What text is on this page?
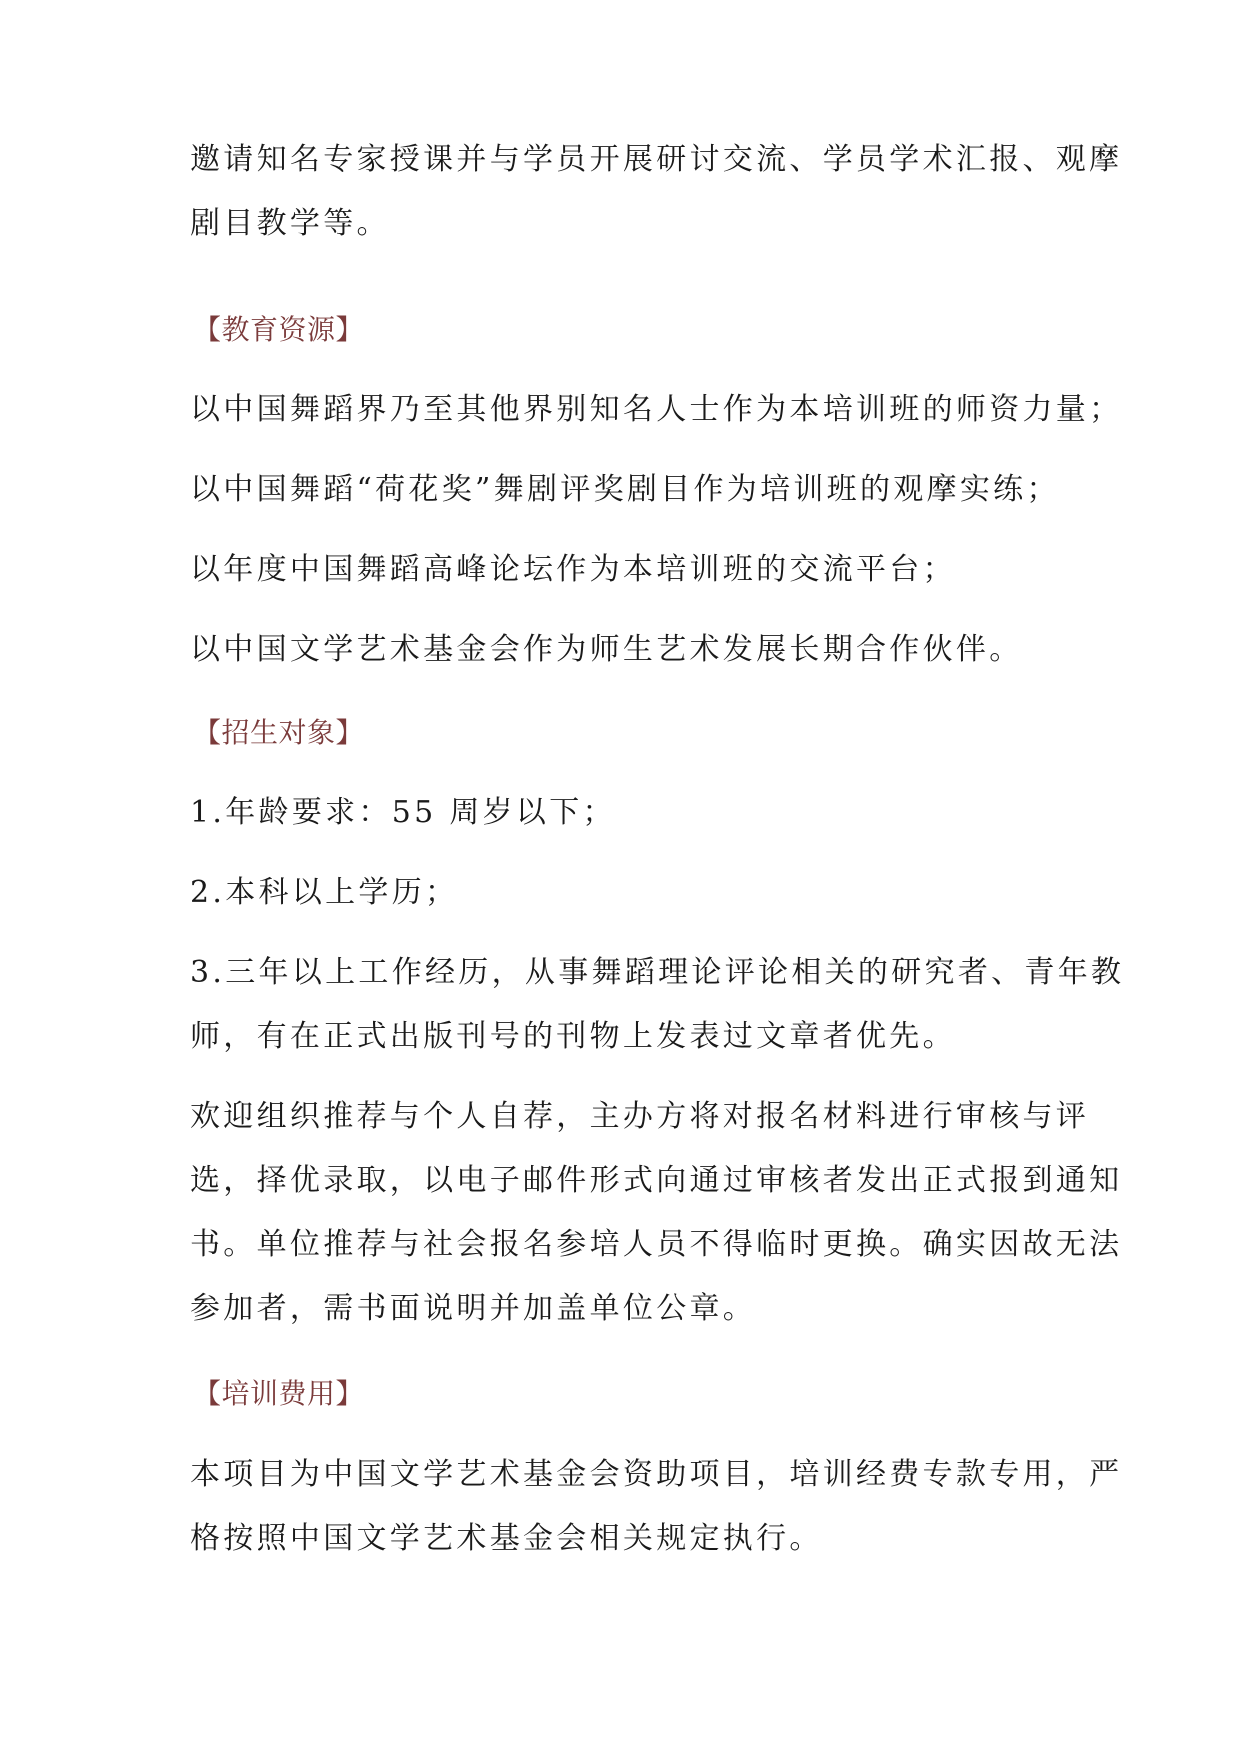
邀请知名专家授课并与学员开展研讨交流、学员学术汇报、观摩

剧目教学等。

【教育资源】

以中国舞蹈界乃至其他界别知名人士作为本培训班的师资力量；

以中国舞蹈“荷花奖”舞剧评奖剧目作为培训班的观摩实练；

以年度中国舞蹈高峰论坛作为本培训班的交流平台；

以中国文学艺术基金会作为师生艺术发展长期合作伙伴。

【招生对象】

1.年龄要求：55 周岁以下；

2.本科以上学历；

3.三年以上工作经历，从事舞蹈理论评论相关的研究者、青年教

师，有在正式出版刊号的刊物上发表过文章者优先。

欢迎组织推荐与个人自荐，主办方将对报名材料进行审核与评

选，择优录取，以电子邮件形式向通过审核者发出正式报到通知

书。单位推荐与社会报名参培人员不得临时更换。确实因故无法

参加者，需书面说明并加盖单位公章。

【培训费用】

本项目为中国文学艺术基金会资助项目，培训经费专款专用，严

格按照中国文学艺术基金会相关规定执行。
